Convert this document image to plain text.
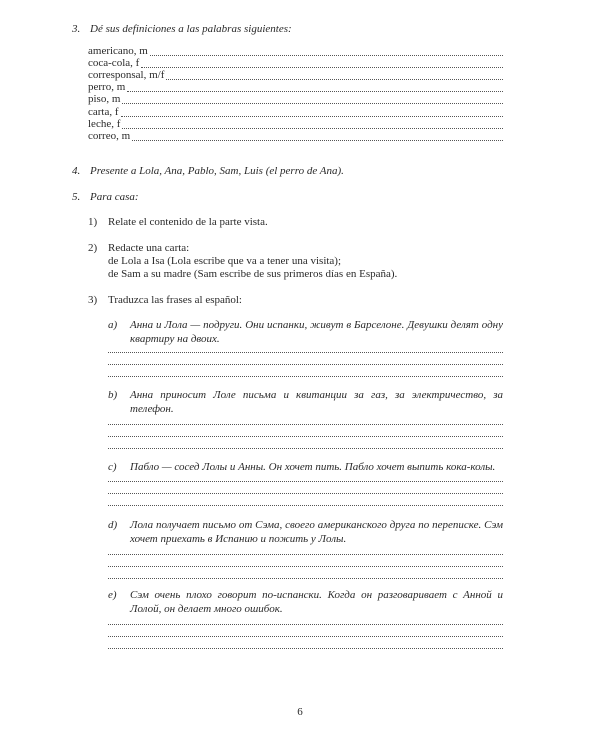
3. Dé sus definiciones a las palabras siguientes:
americano, m
coca-cola, f
corresponsal, m/f
perro, m
piso, m
carta, f
leche, f
correo, m
4. Presente a Lola, Ana, Pablo, Sam, Luis (el perro de Ana).
5. Para casa:
1) Relate el contenido de la parte vista.
2) Redacte una carta:
de Lola a Isa (Lola escribe que va a tener una visita);
de Sam a su madre (Sam escribe de sus primeros días en España).
3) Traduzca las frases al español:
a) Анна и Лола — подруги. Они испанки, живут в Барселоне. Девушки делят одну квартиру на двоих.
b) Анна приносит Лоле письма и квитанции за газ, за электричество, за телефон.
c) Пабло — сосед Лолы и Анны. Он хочет пить. Пабло хочет выпить кока-колы.
d) Лола получает письмо от Сэма, своего американского друга по переписке. Сэм хочет приехать в Испанию и пожить у Лолы.
e) Сэм очень плохо говорит по-испански. Когда он разговаривает с Анной и Лолой, он делает много ошибок.
6
